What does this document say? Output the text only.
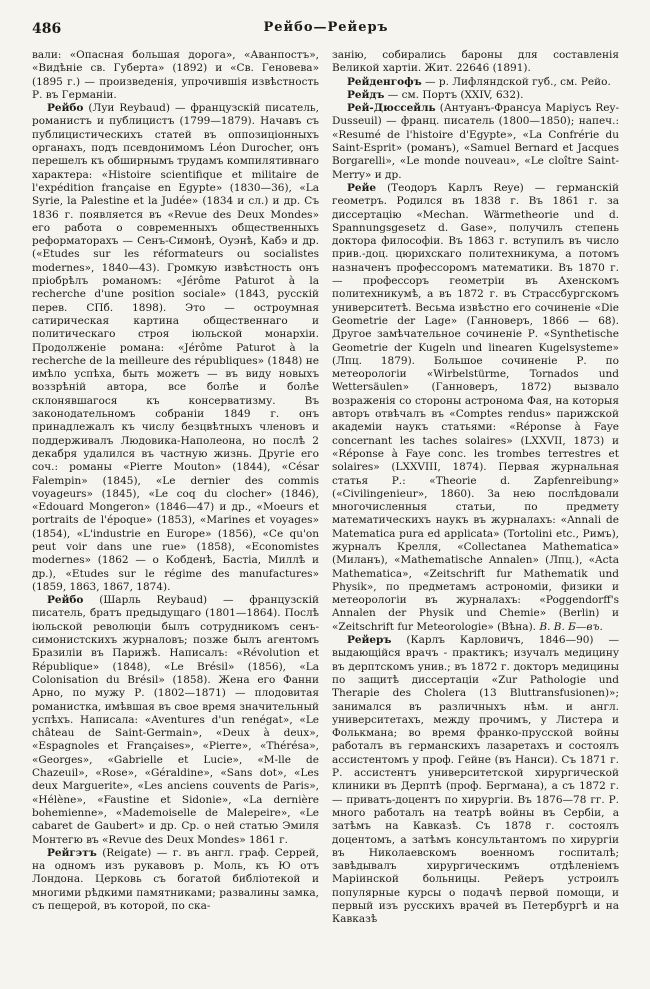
486	Рейбо—Рейеръ

вали: «Опасная большая дорога», «Аванпостъ», «Видѣніе св. Губерта» (1892) и «Св. Геновева» (1895 г.) — произведенія, упрочившія извѣстность Р. въ Германіи.

Рейбо (Луи Reybaud) — французскій писатель, романистъ и публицистъ (1799—1879). Начавъ съ публицистическихъ статей въ оппозиціонныхъ органахъ, подъ псевдонимомъ Léon Durocher, онъ перешелъ къ обширнымъ трудамъ компилятивнаго характера: «Histoire scientifique et militaire de l'expédition française en Egypte» (1830—36), «La Syrie, la Palestine et la Judée» (1834 и сл.) и др. Съ 1836 г. появляется въ «Revue des Deux Mondes» его работа о современныхъ общественныхъ реформаторахъ — Сенъ-Симонѣ, Оуэнѣ, Кабэ и др. («Etudes sur les réformateurs ou socialistes modernes», 1840—43). Громкую извѣстность онъ пріобрѣлъ романомъ: «Jérôme Paturot à la recherche d'une position sociale» (1843, русскій перев. СПб. 1898). Это — остроумная сатирическая картина общественнаго и политическаго строя іюльской монархіи. Продолженіе романа: «Jérôme Paturot à la recherche de la meilleure des républiques» (1848) не имѣло успѣха, быть можетъ — въ виду новыхъ воззрѣній автора, все болѣе и болѣе склонявшагося къ консерватизму. Въ законодательномъ собраніи 1849 г. онъ принадлежалъ къ числу безцвѣтныхъ членовъ и поддерживалъ Людовика-Наполеона, но послѣ 2 декабря удалился въ частную жизнь. Другіе его соч.: романы «Pierre Mouton» (1844), «César Falempin» (1845), «Le dernier des commis voyageurs» (1845), «Le coq du clocher» (1846), «Edouard Mongeron» (1846—47) и др., «Moeurs et portraits de l'époque» (1853), «Marines et voyages» (1854), «L'industrie en Europe» (1856), «Ce qu'on peut voir dans une rue» (1858), «Economistes modernes» (1862 — о Кобденѣ, Бастіа, Миллѣ и др.), «Etudes sur le régime des manufactures» (1859, 1863, 1867, 1874).

Рейбо (Шарль Reybaud) — французскій писатель, братъ предыдущаго (1801—1864). Послѣ іюльской революціи былъ сотрудникомъ сенъ-симонистскихъ журналовъ; позже былъ агентомъ Бразиліи въ Парижѣ. Написалъ: «Révolution et République» (1848), «Le Brésil» (1856), «La Colonisation du Brésil» (1858). Жена его Фанни Арно, по мужу Р. (1802—1871) — плодовитая романистка, имѣвшая въ свое время значительный успѣхъ. Написала: «Aventures d'un renégat», «Le château de Saint-Germain», «Deux à deux», «Espagnoles et Françaises», «Pierre», «Thérésa», «Georges», «Gabrielle et Lucie», «M-lle de Chazeuil», «Rose», «Géraldine», «Sans dot», «Les deux Marguerite», «Les anciens couvents de Paris», «Hélène», «Faustine et Sidonie», «La dernière bohemienne», «Mademoiselle de Malepeire», «Le cabaret de Gaubert» и др. Ср. о ней статью Эмиля Монтегю въ «Revue des Deux Mondes» 1861 г.

Рейгэтъ (Reigate) — г. въ англ. граф. Серрей, на одномъ изъ рукавовъ р. Моль, къ Ю отъ Лондона. Церковь съ богатой библіотекой и многими рѣдкими памятниками; развалины замка, съ пещерой, въ которой, по ска-

занію, собирались бароны для составленія Великой хартіи. Жит. 22646 (1891).

Рейденгофъ — р. Лифляндской губ., см. Рейо.

Рейдъ — см. Портъ (XXIV, 632).

Рей-Дюссейль (Антуанъ-Франсуа Маріусъ Rey-Dusseuil) — франц. писатель (1800—1850); напеч.: «Resumé de l'histoire d'Egypte», «La Confrérie du Saint-Esprit» (романъ), «Samuel Bernard et Jacques Borgarelli», «Le monde nouveau», «Le cloître Saint-Merry» и др.

Рейе (Теодоръ Карлъ Reye) — германскій геометръ. Родился въ 1838 г. Въ 1861 г. за диссертацію «Mechan. Wärmetheorie und d. Spannungsgesetz d. Gase», получилъ степень доктора философіи. Въ 1863 г. вступилъ въ число прив.-доц. цюрихскаго политехникума, а потомъ назначенъ профессоромъ математики. Въ 1870 г. — профессоръ геометріи въ Ахенскомъ политехникумѣ, а въ 1872 г. въ Страссбургскомъ университетѣ. Весьма извѣстно его сочиненіе «Die Geometrie der Lage» (Ганноверъ, 1866 — 68). Другое замѣчательное сочиненіе Р. «Synthetische Geometrie der Kugeln und linearen Kugelsysteme» (Лпц. 1879). Большое сочиненіе Р. по метеорологіи «Wirbelstürme, Tornados und Wettersäulen» (Ганноверъ, 1872) вызвало возраженія со стороны астронома Фая, на которыя авторъ отвѣчалъ въ «Comptes rendus» парижской академіи наукъ статьями: «Réponse à Faye concernant les taches solaires» (LXXVII, 1873) и «Réponse à Faye conc. les trombes terrestres et solaires» (LXXVIII, 1874). Первая журнальная статья Р.: «Theorie d. Zapfenreibung» («Civilingenieur», 1860). За нею послѣдовали многочисленныя статьи, по предмету математическихъ наукъ въ журналахъ: «Annali de Matematica pura ed applicata» (Tortolini etc., Римъ), журналъ Крелля, «Collectanea Mathematica» (Миланъ), «Mathematische Annalen» (Лпц.), «Acta Mathematica», «Zeitschrift fur Mathematik und Physik», по предметамъ астрономіи, физики и метеорологіи въ журналахъ: «Poggendorff's Annalen der Physik und Chemie» (Berlin) и «Zeitschrift fur Meteorologie» (Вѣна). В. В. Б—въ.

Рейеръ (Карлъ Карловичъ, 1846—90) — выдающійся врачъ - практикъ; изучалъ медицину въ дерптскомъ унив.; въ 1872 г. докторъ медицины по защитѣ диссертаціи «Zur Pathologie und Therapie des Cholera (13 Bluttransfusionen)»; занимался въ различныхъ нѣм. и англ. университетахъ, между прочимъ, у Листера и Фолькмана; во время франко-прусской войны работалъ въ германскихъ лазаретахъ и состоялъ ассистентомъ у проф. Гейне (въ Нанси). Съ 1871 г. Р. ассистентъ университетской хирургической клиники въ Дерптѣ (проф. Бергмана), а съ 1872 г. — приватъ-доцентъ по хирургіи. Въ 1876—78 гг. Р. много работалъ на театрѣ войны въ Сербіи, а затѣмъ на Кавказѣ. Съ 1878 г. состоялъ доцентомъ, а затѣмъ консультантомъ по хирургіи въ Николаевскомъ военномъ госпиталѣ; завѣдывалъ хирургическимъ отдѣленіемъ Маріинской больницы. Рейеръ устроилъ популярные курсы о подачѣ первой помощи, и первый изъ русскихъ врачей въ Петербургѣ и на Кавказѣ
